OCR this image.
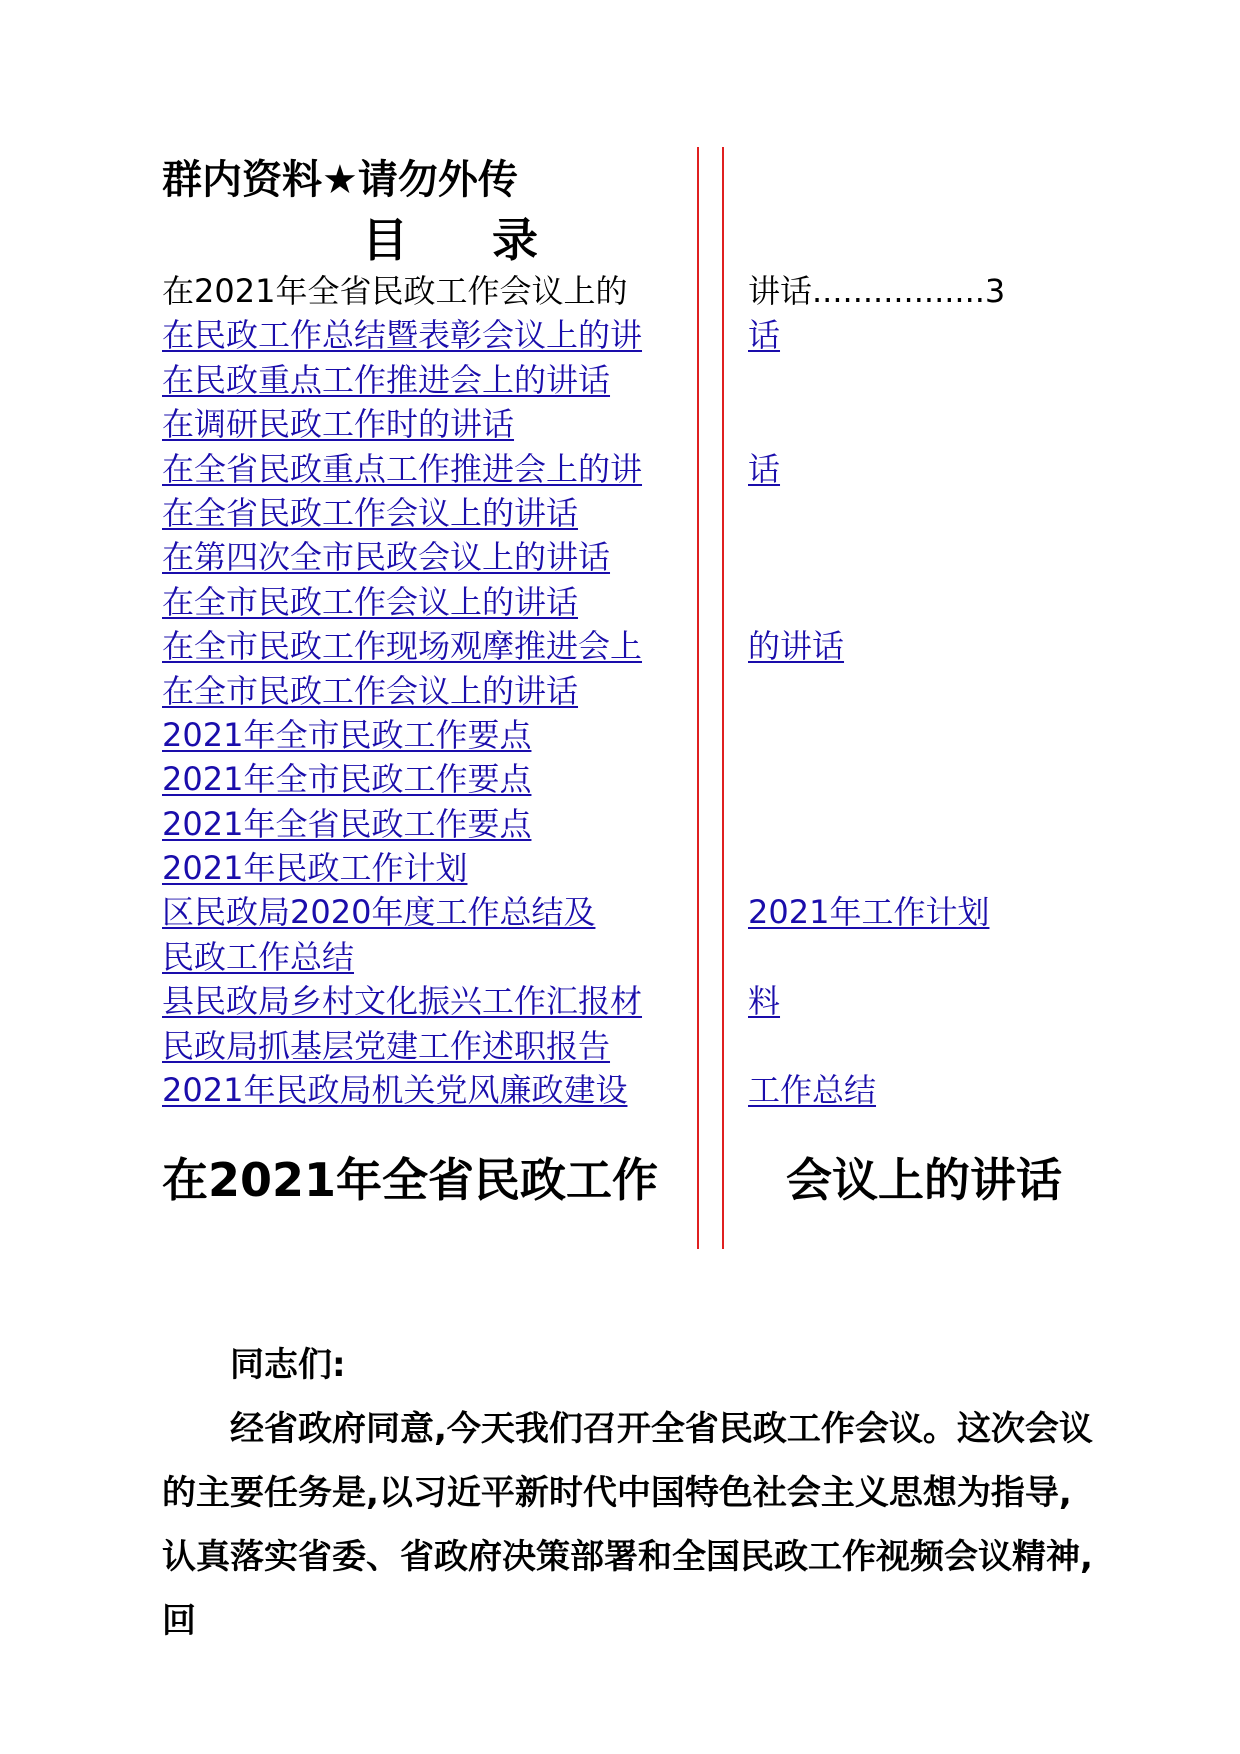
群内资料★请勿外传
目 录
在2021年全省民政工作会议上的	讲话.................3
在民政工作总结暨表彰会议上的讲	话
在民政重点工作推进会上的讲话
在调研民政工作时的讲话
在全省民政重点工作推进会上的讲	话
在全省民政工作会议上的讲话
在第四次全市民政会议上的讲话
在全市民政工作会议上的讲话
在全市民政工作现场观摩推进会上	的讲话
在全市民政工作会议上的讲话
2021年全市民政工作要点
2021年全市民政工作要点
2021年全省民政工作要点
2021年民政工作计划
区民政局2020年度工作总结及	2021年工作计划
民政工作总结
县民政局乡村文化振兴工作汇报材	料
民政局抓基层党建工作述职报告
2021年民政局机关党风廉政建设	工作总结
在2021年全省民政工作	会议上的讲话

同志们:

经省政府同意,今天我们召开全省民政工作会议。这次会议的主要任务是,以习近平新时代中国特色社会主义思想为指导,认真落实省委、省政府决策部署和全国民政工作视频会议精神,回
